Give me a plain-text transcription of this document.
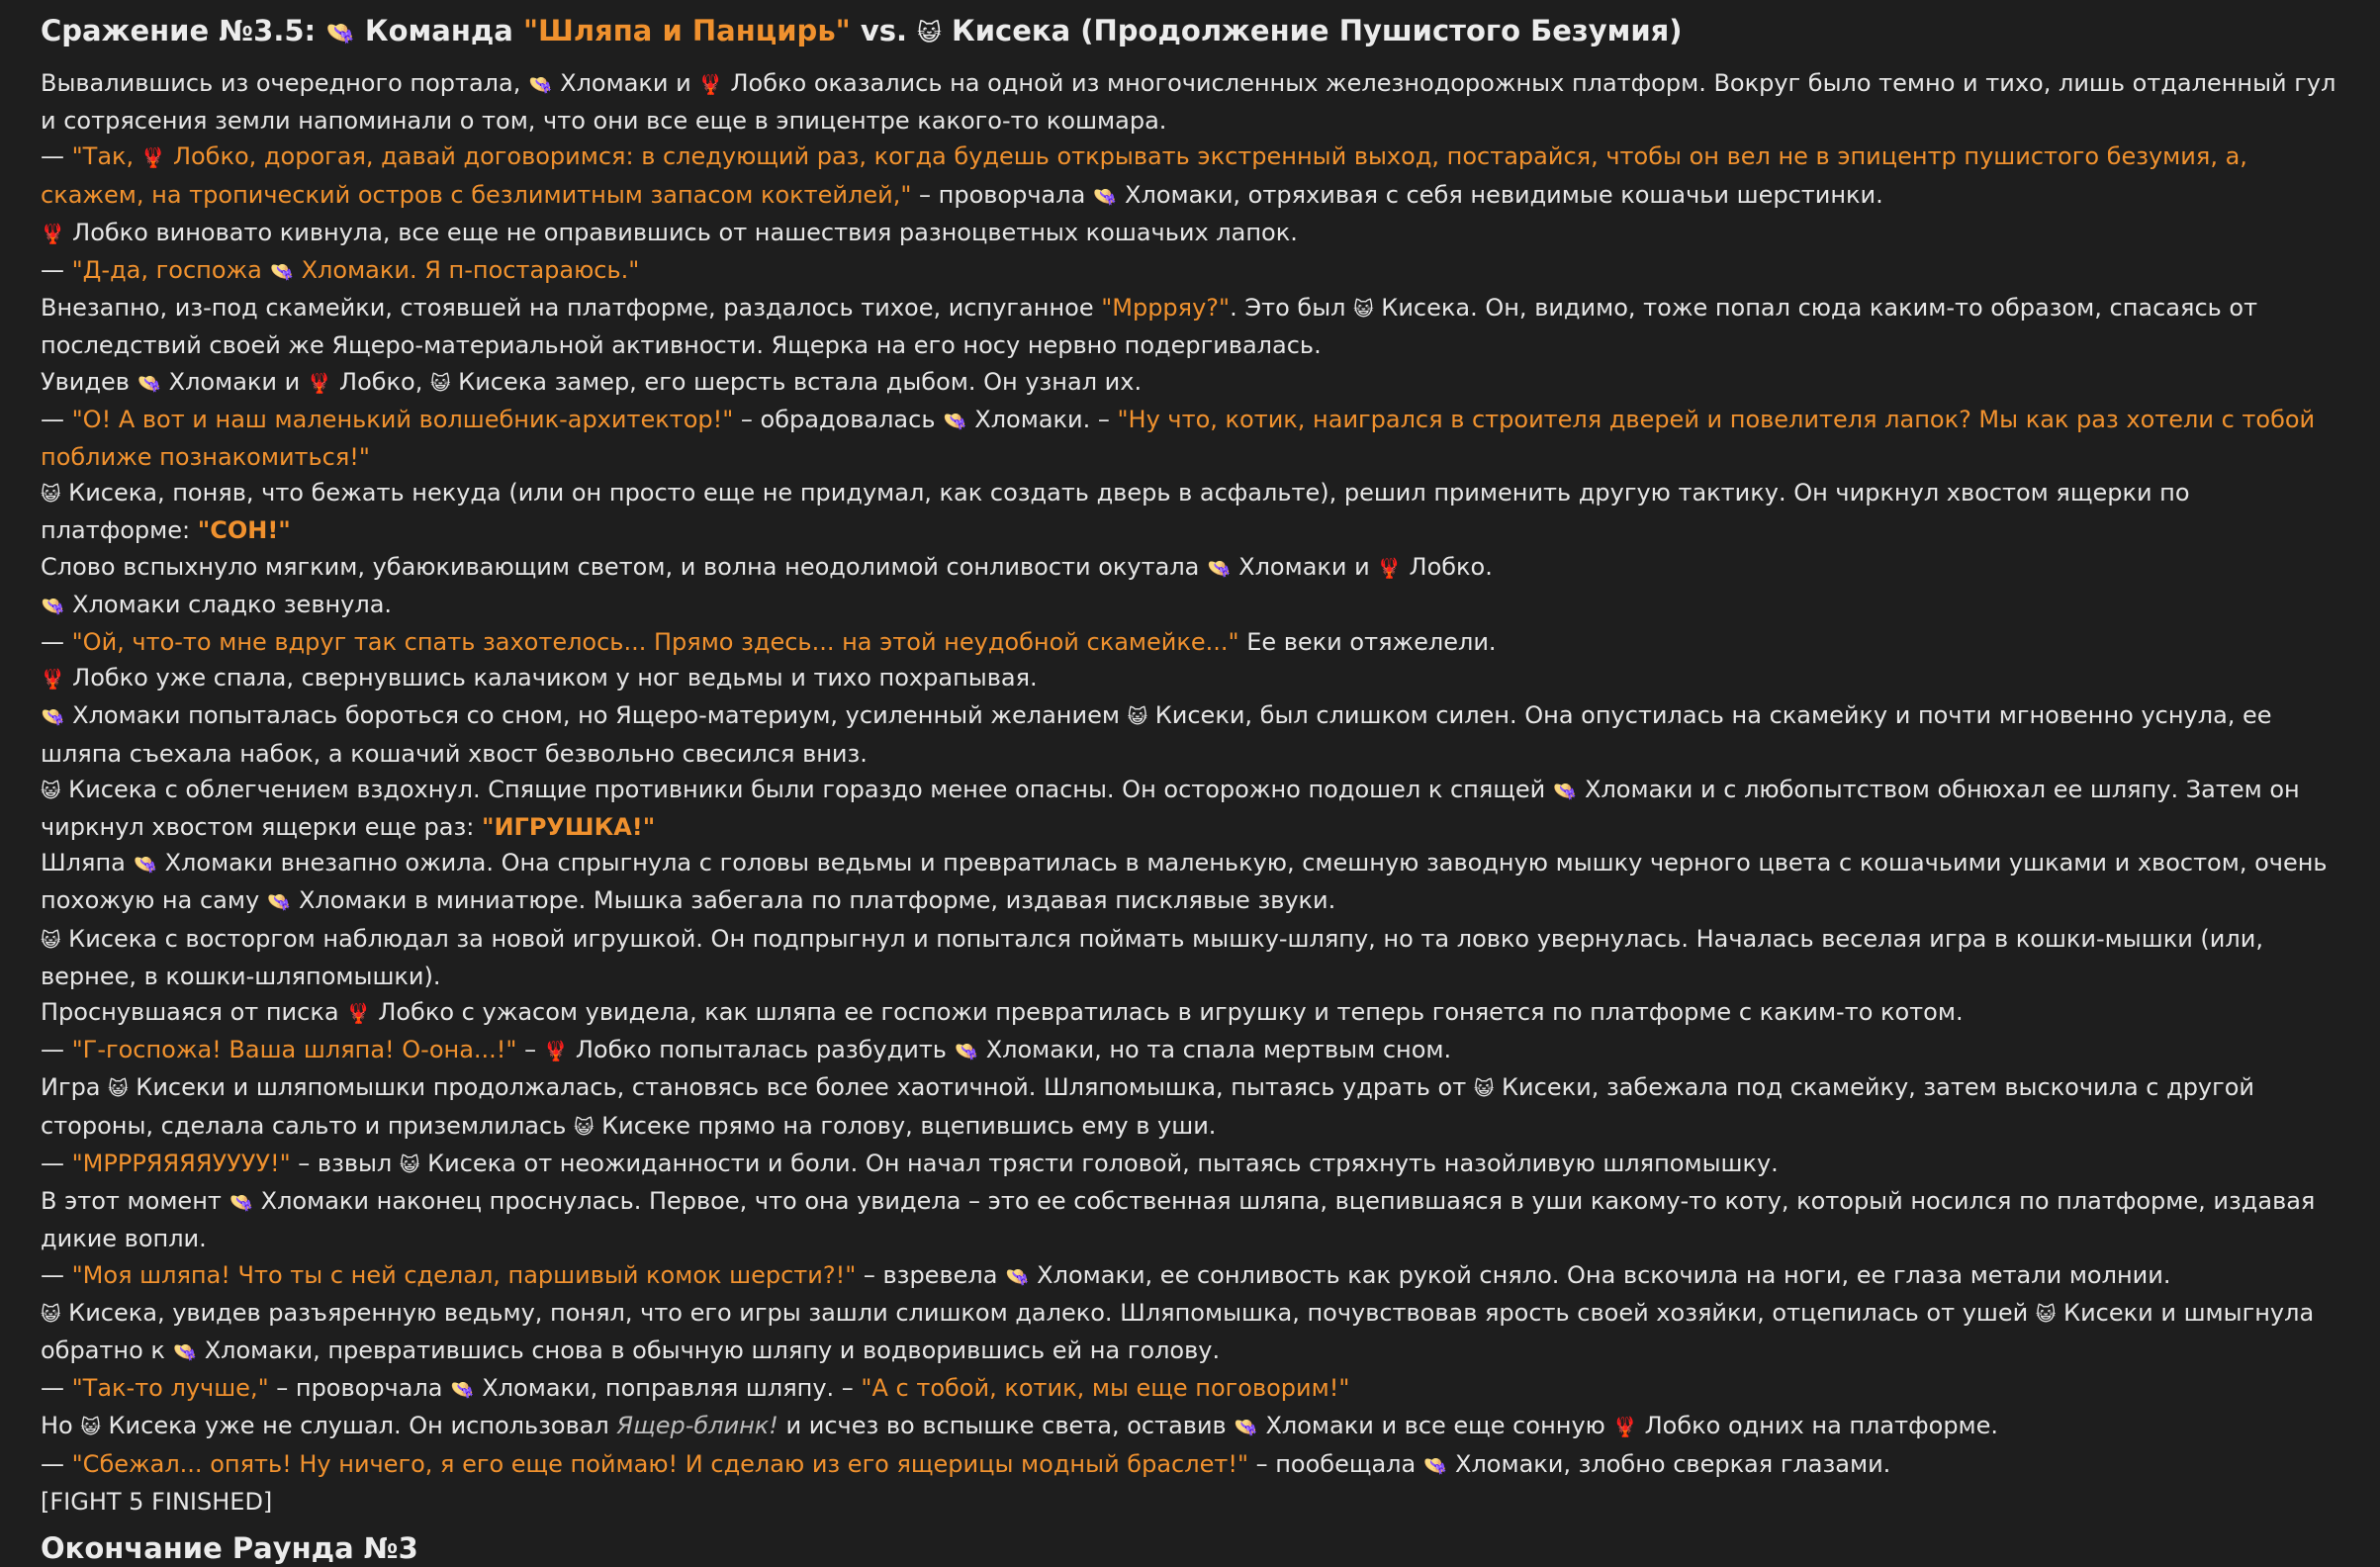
Сражение №3.5: 👒 Команда "Шляпа и Панцирь" vs. 😺 Кисека (Продолжение Пушистого Безумия)

Вывалившись из очередного портала, 👒 Хломаки и 🦞 Лобко оказались на одной из многочисленных железнодорожных платформ. Вокруг было темно и тихо, лишь отдаленный гул и сотрясения земли напоминали о том, что они все еще в эпицентре какого-то кошмара.

— "Так, 🦞 Лобко, дорогая, давай договоримся: в следующий раз, когда будешь открывать экстренный выход, постарайся, чтобы он вел не в эпицентр пушистого безумия, а, скажем, на тропический остров с безлимитным запасом коктейлей," – проворчала 👒 Хломаки, отряхивая с себя невидимые кошачьи шерстинки.

🦞 Лобко виновато кивнула, все еще не оправившись от нашествия разноцветных кошачьих лапок.

— "Д-да, госпожа 👒 Хломаки. Я п-постараюсь."

Внезапно, из-под скамейки, стоявшей на платформе, раздалось тихое, испуганное "Мррряу?". Это был 😺 Кисека. Он, видимо, тоже попал сюда каким-то образом, спасаясь от последствий своей же Ящеро-материальной активности. Ящерка на его носу нервно подергивалась.

Увидев 👒 Хломаки и 🦞 Лобко, 😺 Кисека замер, его шерсть встала дыбом. Он узнал их.

— "О! А вот и наш маленький волшебник-архитектор!" – обрадовалась 👒 Хломаки. – "Ну что, котик, наигрался в строителя дверей и повелителя лапок? Мы как раз хотели с тобой поближе познакомиться!"

😺 Кисека, поняв, что бежать некуда (или он просто еще не придумал, как создать дверь в асфальте), решил применить другую тактику. Он чиркнул хвостом ящерки по платформе: "СОН!"

Слово вспыхнуло мягким, убаюкивающим светом, и волна неодолимой сонливости окутала 👒 Хломаки и 🦞 Лобко.

👒 Хломаки сладко зевнула.

— "Ой, что-то мне вдруг так спать захотелось... Прямо здесь... на этой неудобной скамейке..." Ее веки отяжелели.

🦞 Лобко уже спала, свернувшись калачиком у ног ведьмы и тихо похрапывая.

👒 Хломаки попыталась бороться со сном, но Ящеро-материум, усиленный желанием 😺 Кисеки, был слишком силен. Она опустилась на скамейку и почти мгновенно уснула, ее шляпа съехала набок, а кошачий хвост безвольно свесился вниз.

😺 Кисека с облегчением вздохнул. Спящие противники были гораздо менее опасны. Он осторожно подошел к спящей 👒 Хломаки и с любопытством обнюхал ее шляпу. Затем он чиркнул хвостом ящерки еще раз: "ИГРУШКА!"

Шляпа 👒 Хломаки внезапно ожила. Она спрыгнула с головы ведьмы и превратилась в маленькую, смешную заводную мышку черного цвета с кошачьими ушками и хвостом, очень похожую на саму 👒 Хломаки в миниатюре. Мышка забегала по платформе, издавая писклявые звуки.

😺 Кисека с восторгом наблюдал за новой игрушкой. Он подпрыгнул и попытался поймать мышку-шляпу, но та ловко увернулась. Началась веселая игра в кошки-мышки (или, вернее, в кошки-шляпомышки).

Проснувшаяся от писка 🦞 Лобко с ужасом увидела, как шляпа ее госпожи превратилась в игрушку и теперь гоняется по платформе с каким-то котом.

— "Г-госпожа! Ваша шляпа! О-она...!" – 🦞 Лобко попыталась разбудить 👒 Хломаки, но та спала мертвым сном.

Игра 😺 Кисеки и шляпомышки продолжалась, становясь все более хаотичной. Шляпомышка, пытаясь удрать от 😺 Кисеки, забежала под скамейку, затем выскочила с другой стороны, сделала сальто и приземлилась 😺 Кисеке прямо на голову, вцепившись ему в уши.

— "МРРРЯЯЯЯУУУУ!" – взвыл 😺 Кисека от неожиданности и боли. Он начал трясти головой, пытаясь стряхнуть назойливую шляпомышку.

В этот момент 👒 Хломаки наконец проснулась. Первое, что она увидела – это ее собственная шляпа, вцепившаяся в уши какому-то коту, который носился по платформе, издавая дикие вопли.

— "Моя шляпа! Что ты с ней сделал, паршивый комок шерсти?!" – взревела 👒 Хломаки, ее сонливость как рукой сняло. Она вскочила на ноги, ее глаза метали молнии.

😺 Кисека, увидев разъяренную ведьму, понял, что его игры зашли слишком далеко. Шляпомышка, почувствовав ярость своей хозяйки, отцепилась от ушей 😺 Кисеки и шмыгнула обратно к 👒 Хломаки, превратившись снова в обычную шляпу и водворившись ей на голову.

— "Так-то лучше," – проворчала 👒 Хломаки, поправляя шляпу. – "А с тобой, котик, мы еще поговорим!"

Но 😺 Кисека уже не слушал. Он использовал Ящер-блинк! и исчез во вспышке света, оставив 👒 Хломаки и все еще сонную 🦞 Лобко одних на платформе.

— "Сбежал... опять! Ну ничего, я его еще поймаю! И сделаю из его ящерицы модный браслет!" – пообещала 👒 Хломаки, злобно сверкая глазами.

[FIGHT 5 FINISHED]

Окончание Раунда №3
